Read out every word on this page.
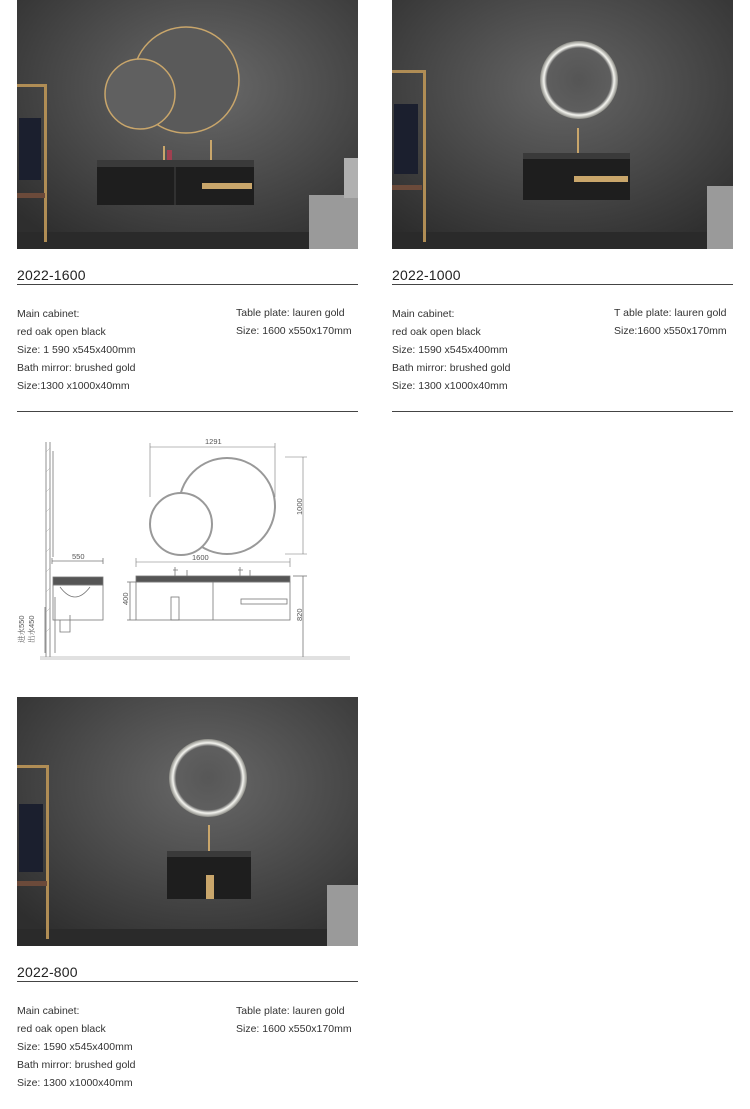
2022-1600
Main cabinet:
red oak open black
Size: 1 590 x545x400mm
Bath mirror: brushed gold
Size:1300 x1000x40mm
Table plate: lauren gold
Size: 1600 x550x170mm
2022-1000
Main cabinet:
red oak open black
Size: 1590 x545x400mm
Bath mirror: brushed gold
Size: 1300 x1000x40mm
T able plate: lauren gold
Size:1600 x550x170mm
550
进水550 出水450
1291
1000
1600
400
820
2022-800
Main cabinet:
red oak open black
Size: 1590 x545x400mm
Bath mirror: brushed gold
Size: 1300 x1000x40mm
Table plate: lauren gold
Size: 1600 x550x170mm
